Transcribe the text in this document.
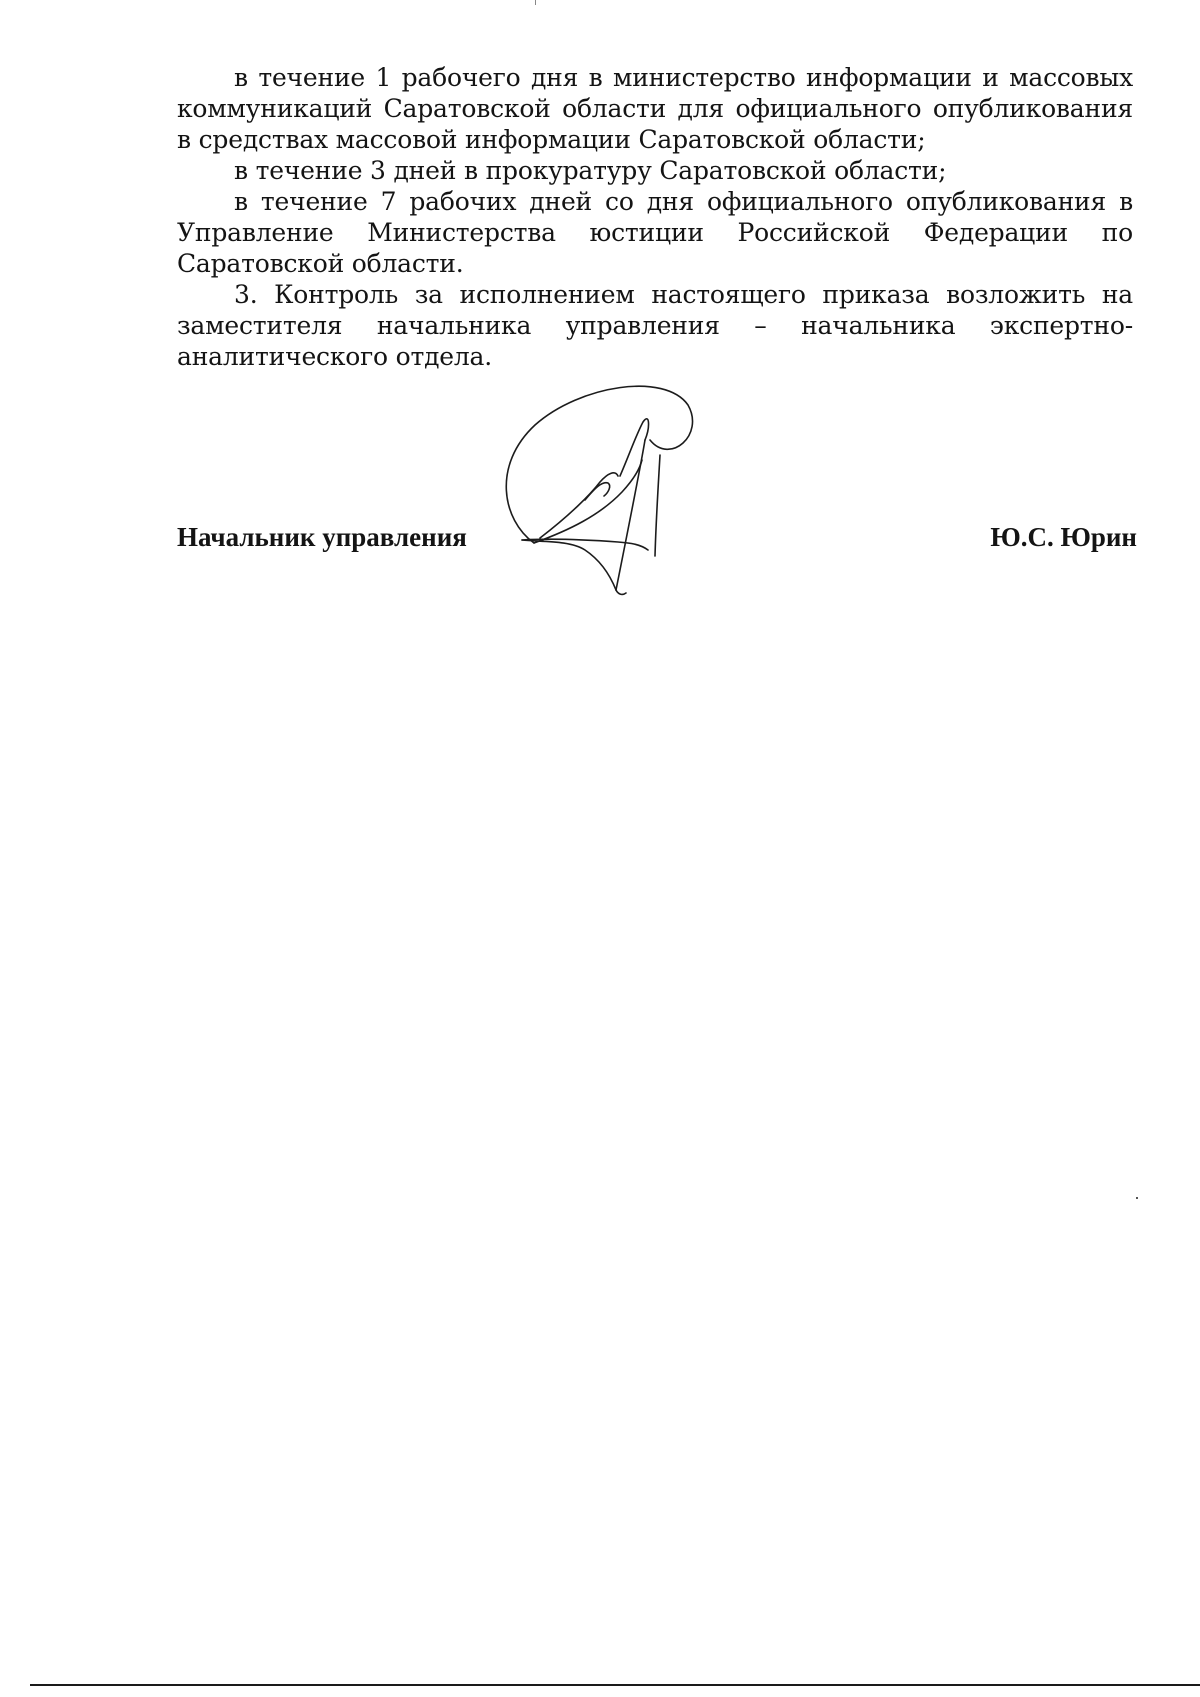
в течение 1 рабочего дня в министерство информации и массовых коммуникаций Саратовской области для официального опубликования в средствах массовой информации Саратовской области;

в течение 3 дней в прокуратуру Саратовской области;

в течение 7 рабочих дней со дня официального опубликования в Управление Министерства юстиции Российской Федерации по Саратовской области.

3. Контроль за исполнением настоящего приказа возложить на заместителя начальника управления – начальника экспертно-аналитического отдела.

Начальник управления	Ю.С. Юрин
